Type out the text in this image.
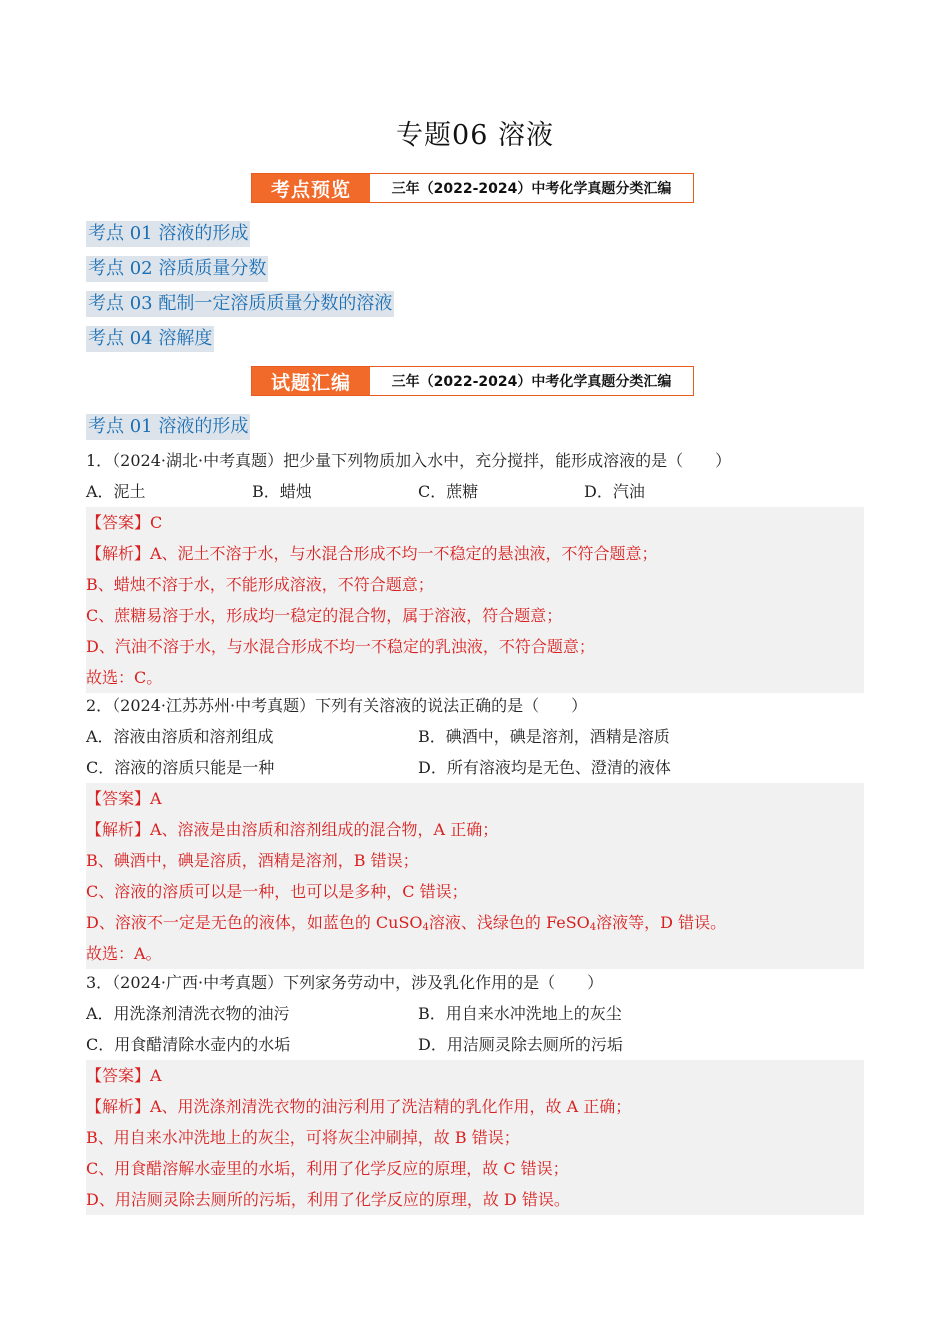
专题06 溶液
考点预览	三年（2022-2024）中考化学真题分类汇编
考点 01 溶液的形成
考点 02 溶质质量分数
考点 03 配制一定溶质质量分数的溶液
考点 04 溶解度
试题汇编	三年（2022-2024）中考化学真题分类汇编
考点 01 溶液的形成
1．（2024·湖北·中考真题）把少量下列物质加入水中，充分搅拌，能形成溶液的是（　　）
A．泥土	B．蜡烛	C．蔗糖	D．汽油
【答案】C
【解析】A、泥土不溶于水，与水混合形成不均一不稳定的悬浊液，不符合题意；
B、蜡烛不溶于水，不能形成溶液，不符合题意；
C、蔗糖易溶于水，形成均一稳定的混合物，属于溶液，符合题意；
D、汽油不溶于水，与水混合形成不均一不稳定的乳浊液，不符合题意；
故选：C。
2．（2024·江苏苏州·中考真题）下列有关溶液的说法正确的是（　　）
A．溶液由溶质和溶剂组成	B．碘酒中，碘是溶剂，酒精是溶质
C．溶液的溶质只能是一种	D．所有溶液均是无色、澄清的液体
【答案】A
【解析】A、溶液是由溶质和溶剂组成的混合物，A 正确；
B、碘酒中，碘是溶质，酒精是溶剂，B 错误；
C、溶液的溶质可以是一种，也可以是多种，C 错误；
D、溶液不一定是无色的液体，如蓝色的 CuSO$_4$溶液、浅绿色的 FeSO$_4$溶液等，D 错误。
故选：A。
3．（2024·广西·中考真题）下列家务劳动中，涉及乳化作用的是（　　）
A．用洗涤剂清洗衣物的油污	B．用自来水冲洗地上的灰尘
C．用食醋清除水壶内的水垢	D．用洁厕灵除去厕所的污垢
【答案】A
【解析】A、用洗涤剂清洗衣物的油污利用了洗洁精的乳化作用，故 A 正确；
B、用自来水冲洗地上的灰尘，可将灰尘冲刷掉，故 B 错误；
C、用食醋溶解水壶里的水垢，利用了化学反应的原理，故 C 错误；
D、用洁厕灵除去厕所的污垢，利用了化学反应的原理，故 D 错误。
